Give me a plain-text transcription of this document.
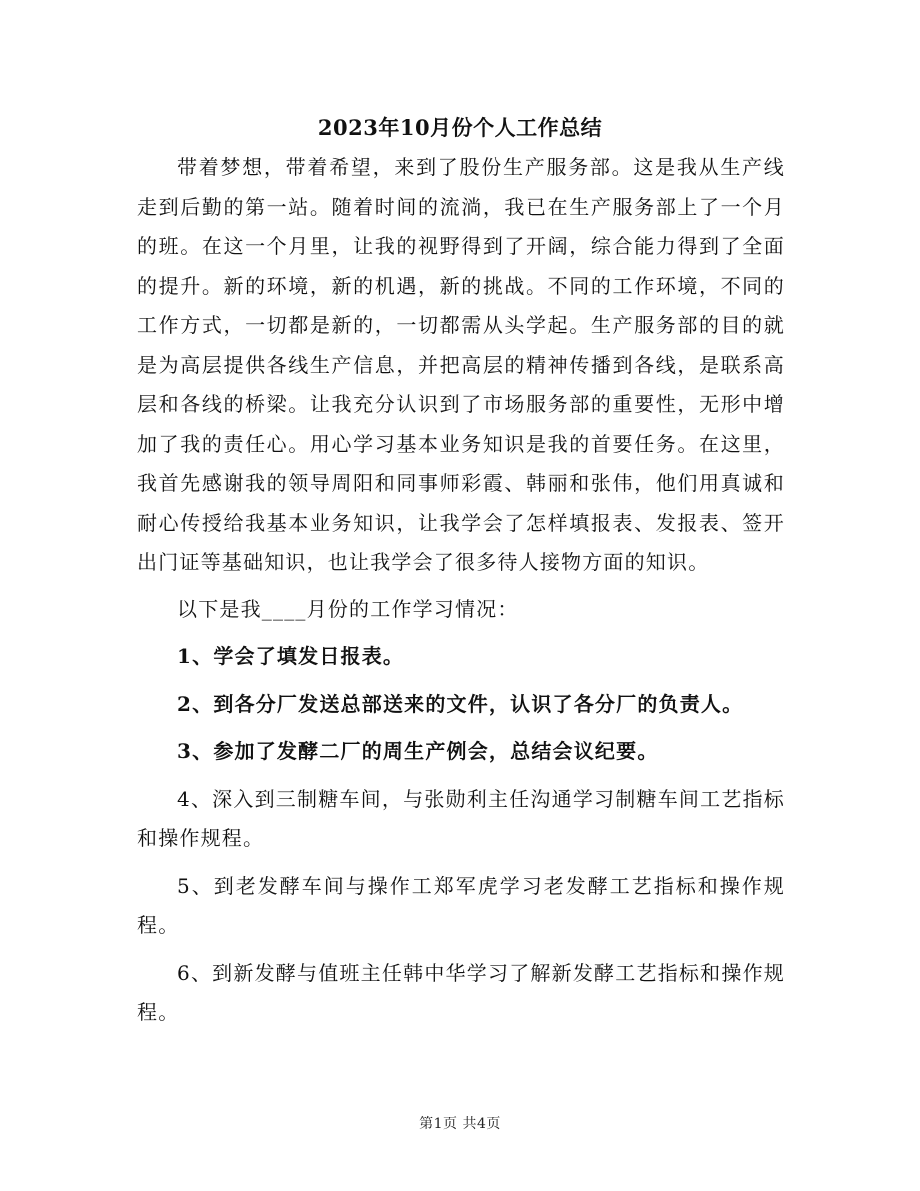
2023年10月份个人工作总结

带着梦想，带着希望，来到了股份生产服务部。这是我从生产线走到后勤的第一站。随着时间的流淌，我已在生产服务部上了一个月的班。在这一个月里，让我的视野得到了开阔，综合能力得到了全面的提升。新的环境，新的机遇，新的挑战。不同的工作环境，不同的工作方式，一切都是新的，一切都需从头学起。生产服务部的目的就是为高层提供各线生产信息，并把高层的精神传播到各线，是联系高层和各线的桥梁。让我充分认识到了市场服务部的重要性，无形中增加了我的责任心。用心学习基本业务知识是我的首要任务。在这里，我首先感谢我的领导周阳和同事师彩霞、韩丽和张伟，他们用真诚和耐心传授给我基本业务知识，让我学会了怎样填报表、发报表、签开出门证等基础知识，也让我学会了很多待人接物方面的知识。

以下是我____月份的工作学习情况：

1、学会了填发日报表。

2、到各分厂发送总部送来的文件，认识了各分厂的负责人。

3、参加了发酵二厂的周生产例会，总结会议纪要。

4、深入到三制糖车间，与张勋利主任沟通学习制糖车间工艺指标和操作规程。

5、到老发酵车间与操作工郑军虎学习老发酵工艺指标和操作规程。

6、到新发酵与值班主任韩中华学习了解新发酵工艺指标和操作规程。

第1页 共4页
